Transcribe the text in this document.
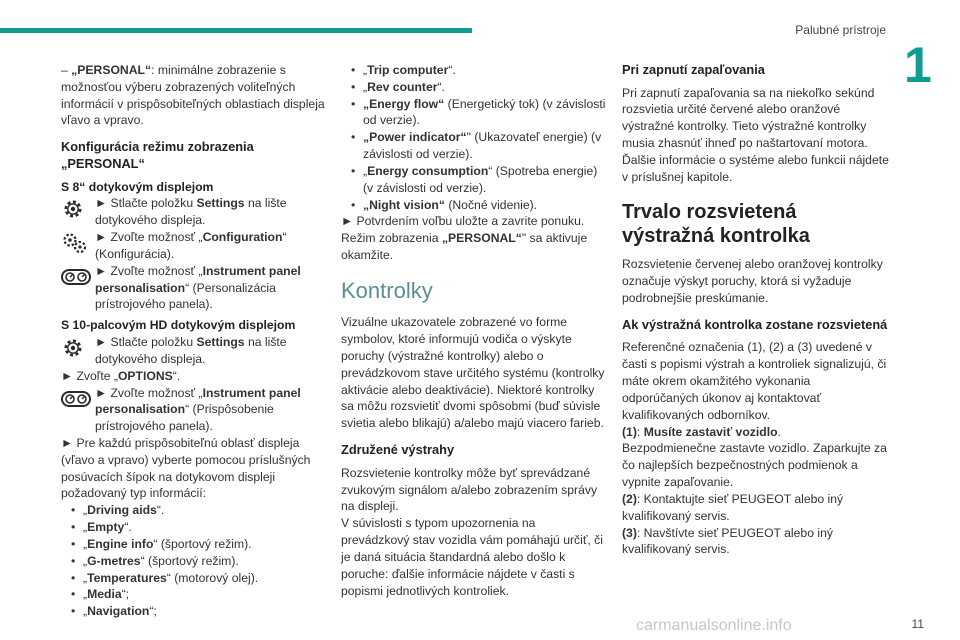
Palubné prístroje
1

– „PERSONAL“: minimálne zobrazenie s možnosťou výberu zobrazených voliteľných informácií v prispôsobiteľných oblastiach displeja vľavo a vpravo.

Konfigurácia režimu zobrazenia „PERSONAL“
S 8“ dotykovým displejom
► Stlačte položku Settings na lište dotykového displeja.
► Zvoľte možnosť „Configuration“ (Konfigurácia).
► Zvoľte možnosť „Instrument panel personalisation“ (Personalizácia prístrojového panela).
S 10-palcovým HD dotykovým displejom
► Stlačte položku Settings na lište dotykového displeja.

► Zvoľte „OPTIONS“.

► Zvoľte možnosť „Instrument panel personalisation“ (Prispôsobenie prístrojového panela).

► Pre každú prispôsobiteľnú oblasť displeja (vľavo a vpravo) vyberte pomocou príslušných posúvacích šípok na dotykovom displeji požadovaný typ informácií:

• „Driving aids“.
• „Empty“.
• „Engine info“ (športový režim).
• „G-metres“ (športový režim).
• „Temperatures“ (motorový olej).
• „Media“;
• „Navigation“;
• „Trip computer“.
• „Rev counter“.
• „Energy flow“ (Energetický tok) (v závislosti od verzie).
• „Power indicator“" (Ukazovateľ energie) (v závislosti od verzie).
• „Energy consumption“ (Spotreba energie) (v závislosti od verzie).
• „Night vision“ (Nočné videnie).

► Potvrdením voľbu uložte a zavrite ponuku.

Režim zobrazenia „PERSONAL“" sa aktivuje okamžite.

Kontrolky

Vizuálne ukazovatele zobrazené vo forme symbolov, ktoré informujú vodiča o výskyte poruchy (výstražné kontrolky) alebo o prevádzkovom stave určitého systému (kontrolky aktivácie alebo deaktivácie). Niektoré kontrolky sa môžu rozsvietiť dvomi spôsobmi (buď súvisle svietia alebo blikajú) a/alebo majú viacero farieb.

Združené výstrahy

Rozsvietenie kontrolky môže byť sprevádzané zvukovým signálom a/alebo zobrazením správy na displeji.

V súvislosti s typom upozornenia na prevádzkový stav vozidla vám pomáhajú určiť, či je daná situácia štandardná alebo došlo k poruche: ďalšie informácie nájdete v časti s popismi jednotlivých kontroliek.

Pri zapnutí zapaľovania

Pri zapnutí zapaľovania sa na niekoľko sekúnd rozsvietia určité červené alebo oranžové výstražné kontrolky. Tieto výstražné kontrolky musia zhasnúť ihneď po naštartovaní motora. Ďalšie informácie o systéme alebo funkcii nájdete v príslušnej kapitole.

Trvalo rozsvietená výstražná kontrolka

Rozsvietenie červenej alebo oranžovej kontrolky označuje výskyt poruchy, ktorá si vyžaduje podrobnejšie preskúmanie.

Ak výstražná kontrolka zostane rozsvietená

Referenčné označenia (1), (2) a (3) uvedené v časti s popismi výstrah a kontroliek signalizujú, či máte okrem okamžitého vykonania odporúčaných úkonov aj kontaktovať kvalifikovaných odborníkov.

(1): Musíte zastaviť vozidlo.

Bezpodmienečne zastavte vozidlo. Zaparkujte za čo najlepších bezpečnostných podmienok a vypnite zapaľovanie.

(2): Kontaktujte sieť PEUGEOT alebo iný kvalifikovaný servis.

(3): Navštívte sieť PEUGEOT alebo iný kvalifikovaný servis.

carmanualsonline.info	11
